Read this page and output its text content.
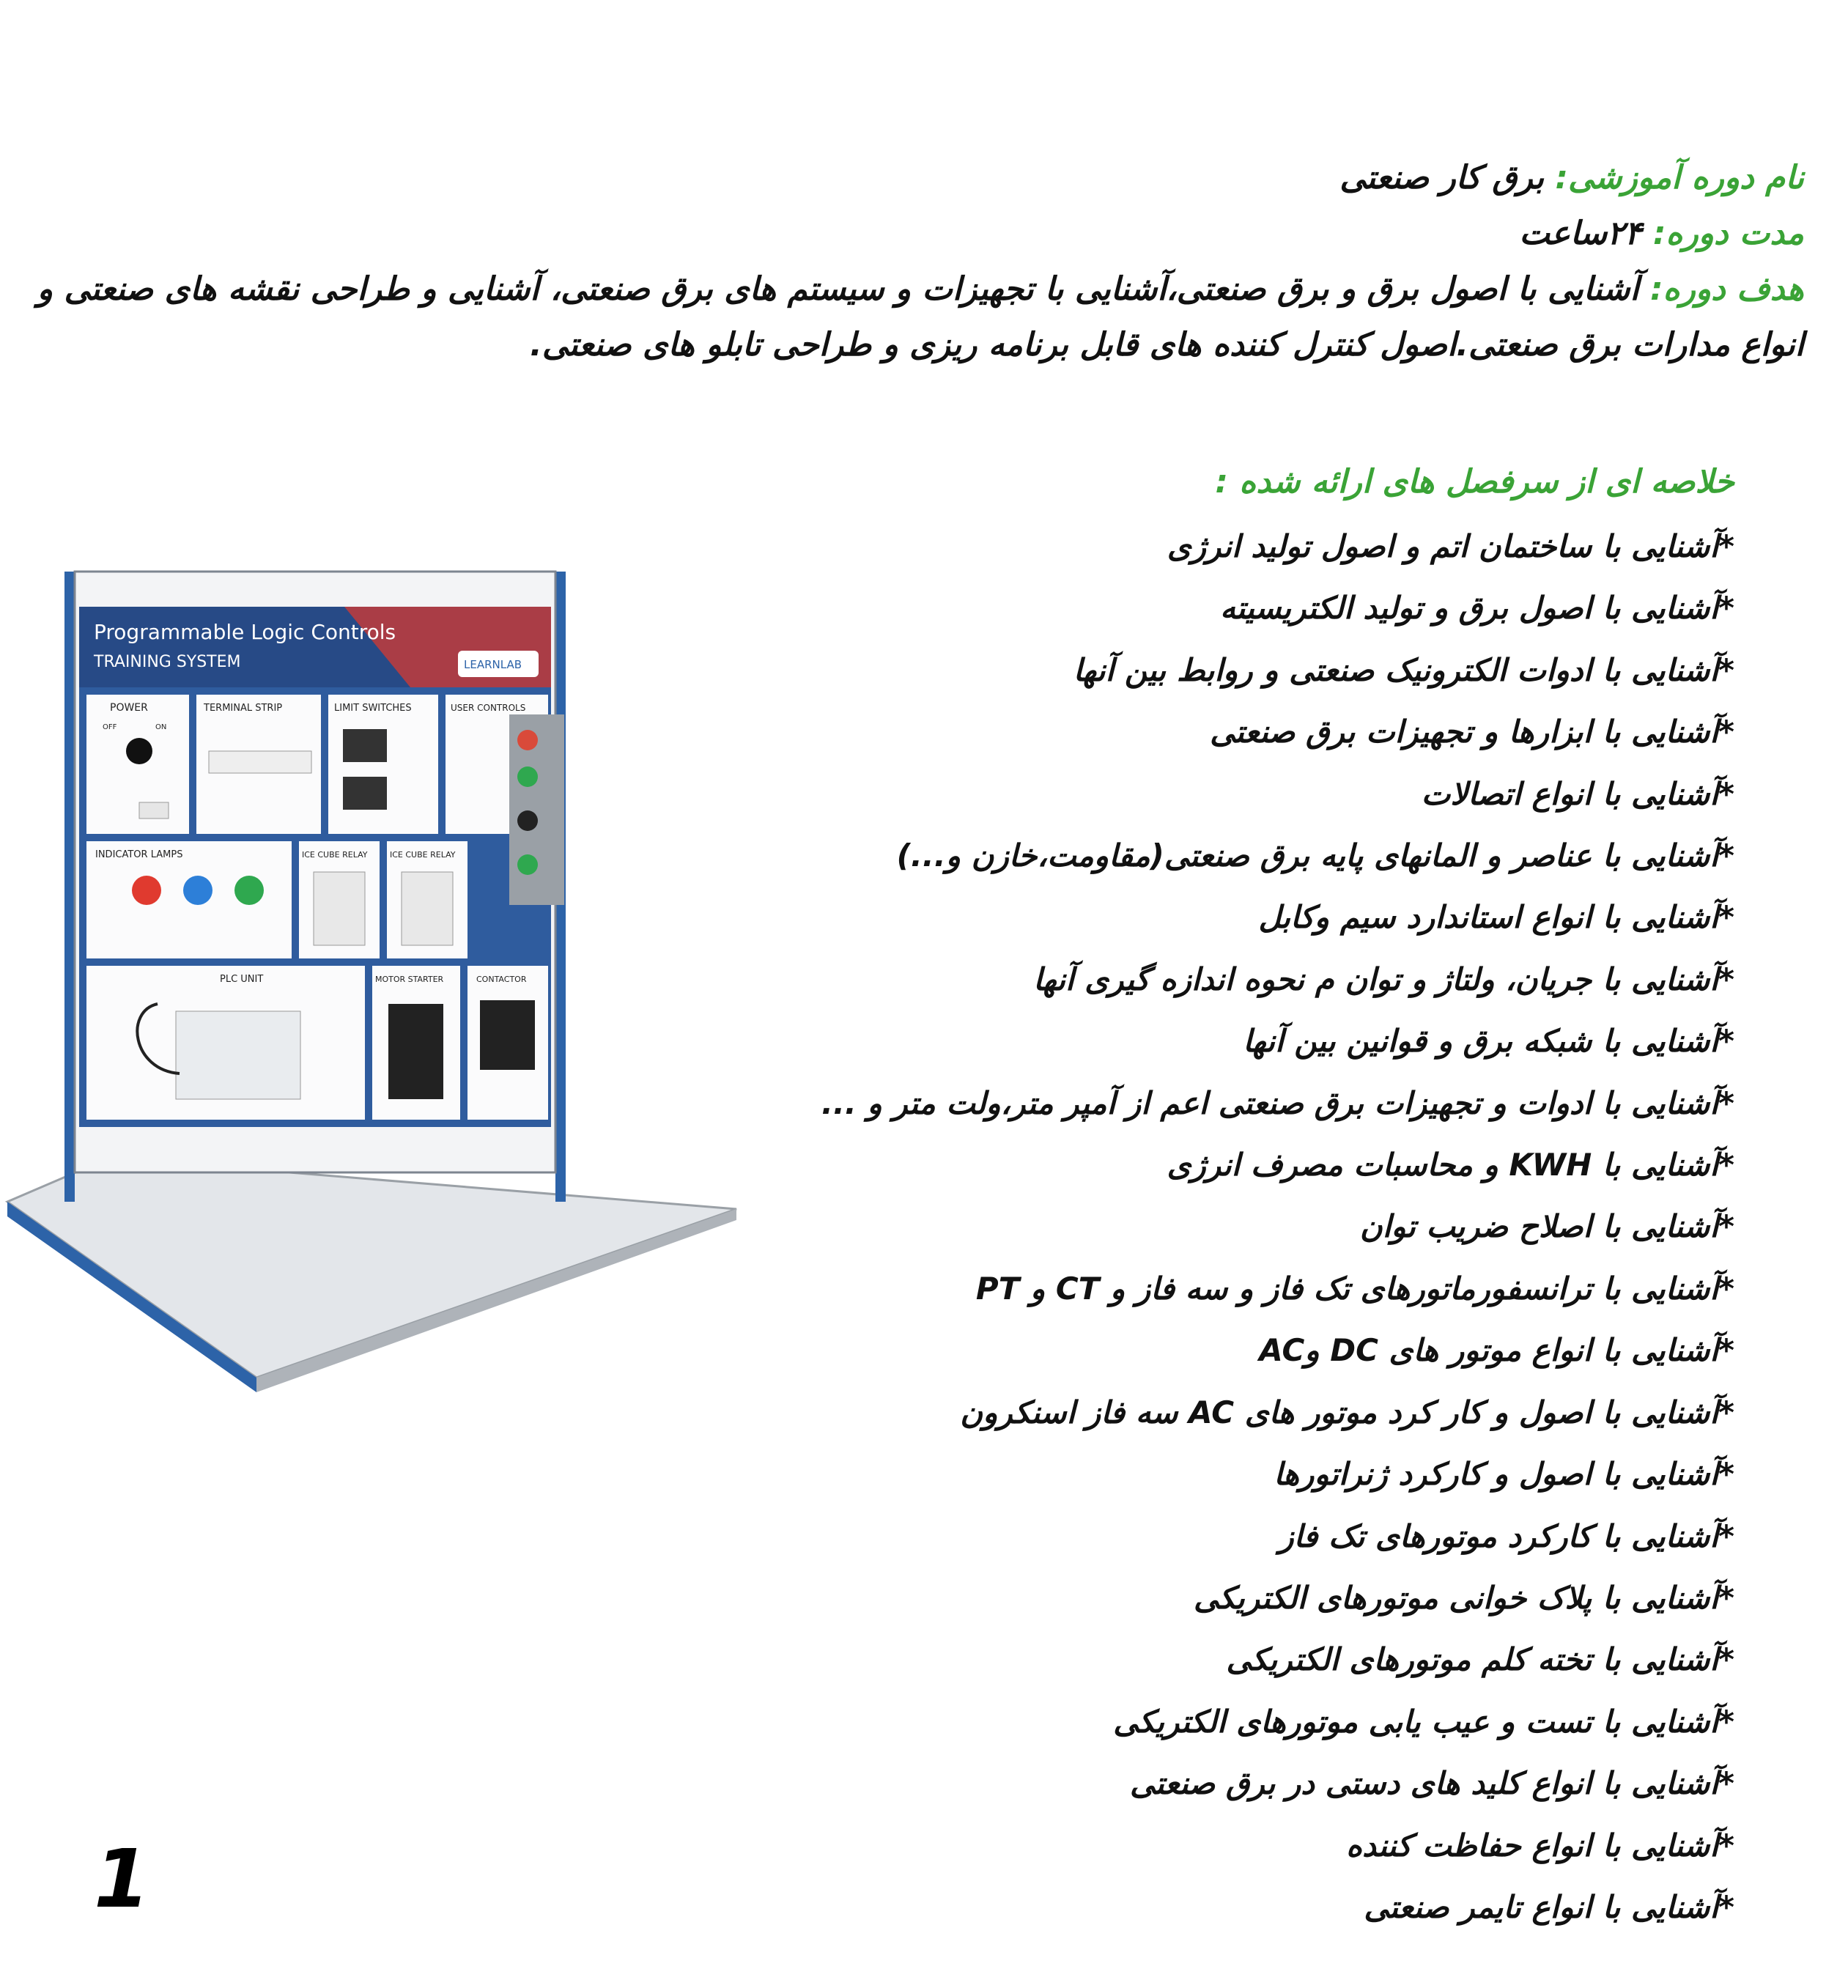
نام دوره آموزشی: برق کار صنعتی
مدت دوره: ۲۴ساعت
هدف دوره: آشنایی با اصول برق و برق صنعتی،آشنایی با تجهیزات و سیستم های برق صنعتی، آشنایی و طراحی نقشه های صنعتی و انواع مدارات برق صنعتی.اصول کنترل کننده های قابل برنامه ریزی و طراحی تابلو های صنعتی.
خلاصه ای از سرفصل های ارائه شده :
*آشنایی با ساختمان اتم و اصول تولید انرژی
*آشنایی با اصول برق و تولید الکتریسیته
*آشنایی با ادوات الکترونیک صنعتی و روابط بین آنها
*آشنایی با ابزارها و تجهیزات برق صنعتی
*آشنایی با انواع اتصالات
*آشنایی با عناصر و المانهای پایه برق صنعتی(مقاومت،خازن و...)
*آشنایی با انواع استاندارد سیم وکابل
*آشنایی با جریان، ولتاژ و توان م نحوه اندازه گیری آنها
*آشنایی با شبکه برق و قوانین بین آنها
*آشنایی با ادوات و تجهیزات برق صنعتی اعم از آمپر متر،ولت متر و ...
*آشنایی با KWH و محاسبات مصرف انرژی
*آشنایی با اصلاح ضریب توان
*آشنایی با ترانسفورماتورهای تک فاز و سه فاز و CT و PT
*آشنایی با انواع موتور های DC وAC
*آشنایی با اصول و کار کرد موتور های AC سه فاز اسنکرون
*آشنایی با اصول و کارکرد ژنراتورها
*آشنایی با کارکرد موتورهای تک فاز
*آشنایی با پلاک خوانی موتورهای الکتریکی
*آشنایی با تخته کلم موتورهای الکتریکی
*آشنایی با تست و عیب یابی موتورهای الکتریکی
*آشنایی با انواع کلید های دستی در برق صنعتی
*آشنایی با انواع حفاظت کننده
*آشنایی با انواع تایمر صنعتی
Programmable Logic Controls
TRAINING SYSTEM	LEARNLAB
POWER
OFF	ON
TERMINAL STRIP	LIMIT SWITCHES	USER CONTROLS
INDICATOR LAMPS	ICE CUBE RELAY	ICE CUBE RELAY
PLC UNIT	MOTOR STARTER	CONTACTOR
1
